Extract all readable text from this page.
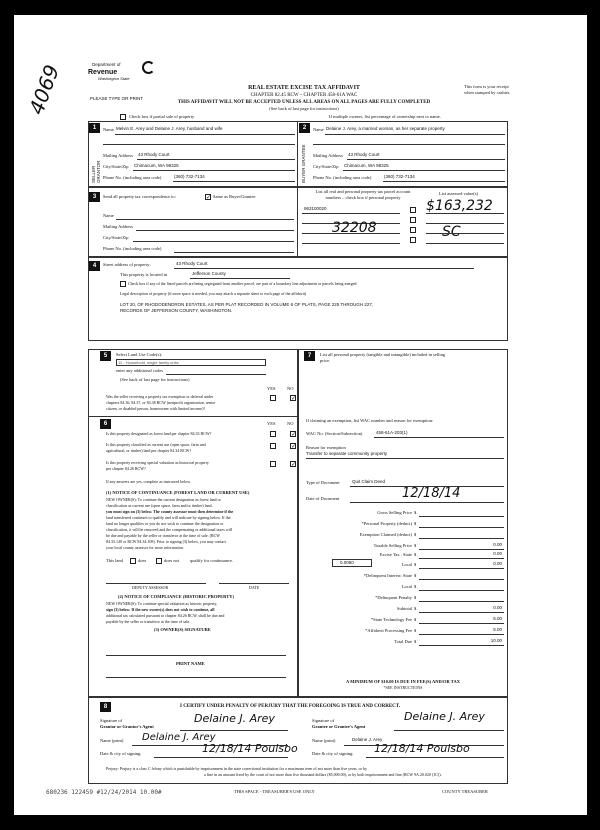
4069	Department of
Revenue
Washington State
PLEASE TYPE OR PRINT
REAL ESTATE EXCISE TAX AFFIDAVIT
CHAPTER 82.45 RCW – CHAPTER 458-61A WAC
THIS AFFIDAVIT WILL NOT BE ACCEPTED UNLESS ALL AREAS ON ALL PAGES ARE FULLY COMPLETED
(See back of last page for instructions)
This form is your receipt
when stamped by cashier.
Check box if partial sale of property	If multiple owners, list percentage of ownership next to name.
1	2
SELLER GRANTOR	BUYER GRANTEE
Name Melvin E. Arey and Delaine J. Arey, husband and wife
Mailing Address 43 Rhody Court
City/State/Zip Chimacum, WA 98325
Phone No. (including area code)	(360) 732-7134
Name Delaine J. Arey, a married woman, as her separate property
Mailing Address 43 Rhody Court
City/State/Zip Chimacum, WA 98325
Phone No. (including area code)	(360) 732-7134
3	Send all property tax correspondence to:	✓ Same as Buyer/Grantee
Name
Mailing Address
City/State/Zip
Phone No. (including area code)
List all real and personal property tax parcel account
numbers – check box if personal property
List assessed value(s)
963100020	$163,232
32208	SC
4	Street address of property:	43 Rhody Court
This property is located in	Jefferson County
Check box if any of the listed parcels are being segregated from another parcel, are part of a boundary line adjustment or parcels being merged.
Legal description of property (if more space is needed, you may attach a separate sheet to each page of the affidavit)
LOT 20, OF RHODODENDRON ESTATES, AS PER PLAT RECORDED IN VOLUME 6 OF PLATS, PAGE 225 THROUGH 227,
RECORDS OF JEFFERSON COUNTY, WASHINGTON.
5	Select Land Use Code(s):
11 - Household, single family units
enter any additional codes
(See back of last page for instructions)
YES	NO
Was the seller receiving a property tax exemption or deferral under
chapters 84.36, 84.37, or 84.38 RCW (nonprofit organization, senior
citizen, or disabled person, homeowner with limited income)?
✓
6	YES	NO
Is this property designated as forest land per chapter 84.33 RCW?	✓
Is this property classified as current use (open space, farm and
agricultural, or timber) land per chapter 84.34 RCW?
✓
Is this property receiving special valuation as historical property
per chapter 84.26 RCW?
✓
If any answers are yes, complete as instructed below.
(1) NOTICE OF CONTINUANCE (FOREST LAND OR CURRENT USE)
NEW OWNER(S): To continue the current designation as forest land or
classification as current use (open space, farm and/or timber) land,
you must sign on (3) below. The county assessor must then determine if the
land transferred continues to qualify and will indicate by signing below. If the
land no longer qualifies or you do not wish to continue the designation or
classification, it will be removed and the compensating or additional taxes will
be due and payable by the seller or transferor at the time of sale. (RCW
84.33.140 or RCW 84.34.108). Prior to signing (3) below, you may contact
your local county assessor for more information.
This land	does	does not qualify for continuance.
DEPUTY ASSESSOR	DATE
(2) NOTICE OF COMPLIANCE (HISTORIC PROPERTY)
NEW OWNER(S): To continue special valuation as historic property,
sign (3) below. If the new owner(s) does not wish to continue, all
additional tax calculated pursuant to chapter 84.26 RCW, shall be due and
payable by the seller or transferor at the time of sale.
(3) OWNER(S) SIGNATURE
PRINT NAME
7	List all personal property (tangible and intangible) included in selling
price.
If claiming an exemption, list WAC number and reason for exemption:
WAC No. (Section/Subsection)	458-61A-203(1)
Reason for exemption
Transfer to separate community property
Type of Document	Quit Claim Deed
Date of Document	12/18/14
0.0050
A MINIMUM OF $10.00 IS DUE IN FEE(S) AND/OR TAX
*SEE INSTRUCTIONS
8	I CERTIFY UNDER PENALTY OF PERJURY THAT THE FOREGOING IS TRUE AND CORRECT.
Signature of
Grantor or Grantor's Agent
Delaine J. Arey	Signature of
Grantee or Grantee's Agent
Delaine J. Arey
Name (print) Delaine J. Arey	Name (print)	Delaine J. Arey
Date & city of signing:	12/18/14 Poulsbo	Date & city of signing: 12/18/14 Poulsbo
Perjury: Perjury is a class C felony which is punishable by imprisonment in the state correctional institution for a maximum term of not more than five years, or by
a fine in an amount fixed by the court of not more than five thousand dollars ($5,000.00), or by both imprisonment and fine (RCW 9A.20.020 (1C)).
680236 122459 #12/24/2014 10.00#	THIS SPACE - TREASURER'S USE ONLY	COUNTY TREASURER
Gross Selling Price $
*Personal Property (deduct) $
Exemption Claimed (deduct) $
Taxable Selling Price $	0.00
Excise Tax : State $	0.00
Local $	0.00
*Delinquent Interest: State $
Local $
*Delinquent Penalty $
Subtotal $	0.00
*State Technology Fee $	5.00
*Affidavit Processing Fee $	5.00
Total Due $	10.00
